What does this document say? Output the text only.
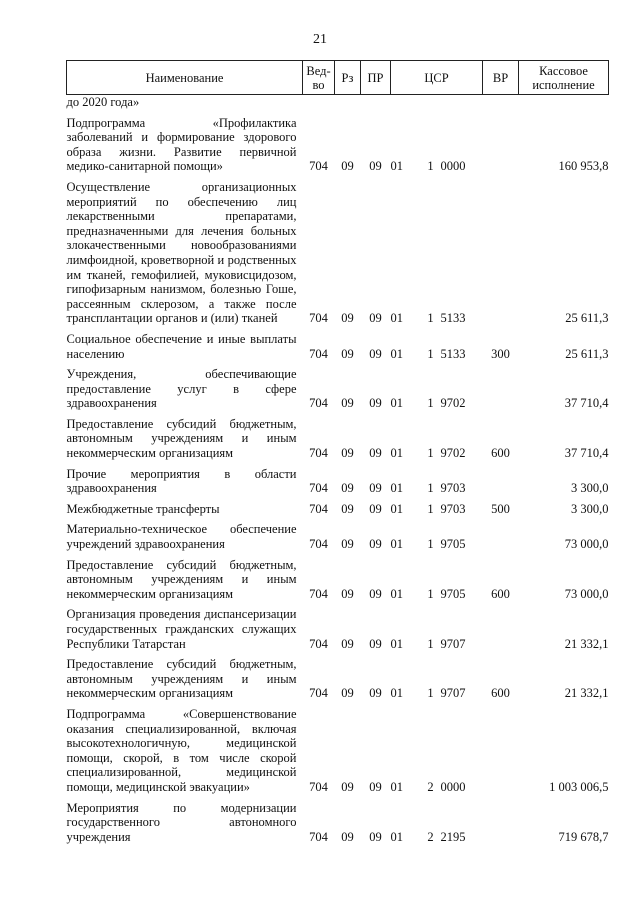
21
Наименование	Вед-во	Рз	ПР	ЦСР			ВР	Кассовое исполнение
до 2020 года»								
Подпрограмма «Профилактика заболеваний и формирование здорового образа жизни. Развитие первичной медико-санитарной помощи»	704	09	09	01	1	0000		160 953,8
Осуществление организационных мероприятий по обеспечению лиц лекарственными препаратами, предназначенными для лечения больных злокачественными новообразованиями лимфоидной, кроветворной и родственных им тканей, гемофилией, муковисцидозом, гипофизарным нанизмом, болезнью Гоше, рассеянным склерозом, а также после трансплантации органов и (или) тканей	704	09	09	01	1	5133		25 611,3
Социальное обеспечение и иные выплаты населению	704	09	09	01	1	5133	300	25 611,3
Учреждения, обеспечивающие предоставление услуг в сфере здравоохранения	704	09	09	01	1	9702		37 710,4
Предоставление субсидий бюджетным, автономным учреждениям и иным некоммерческим организациям	704	09	09	01	1	9702	600	37 710,4
Прочие мероприятия в области здравоохранения	704	09	09	01	1	9703		3 300,0
Межбюджетные трансферты	704	09	09	01	1	9703	500	3 300,0
Материально-техническое обеспечение учреждений здравоохранения	704	09	09	01	1	9705		73 000,0
Предоставление субсидий бюджетным, автономным учреждениям и иным некоммерческим организациям	704	09	09	01	1	9705	600	73 000,0
Организация проведения диспансеризации государственных гражданских служащих Республики Татарстан	704	09	09	01	1	9707		21 332,1
Предоставление субсидий бюджетным, автономным учреждениям и иным некоммерческим организациям	704	09	09	01	1	9707	600	21 332,1
Подпрограмма «Совершенствование оказания специализированной, включая высокотехнологичную, медицинской помощи, скорой, в том числе скорой специализированной, медицинской помощи, медицинской эвакуации»	704	09	09	01	2	0000		1 003 006,5
Мероприятия по модернизации государственного автономного учреждения	704	09	09	01	2	2195		719 678,7
